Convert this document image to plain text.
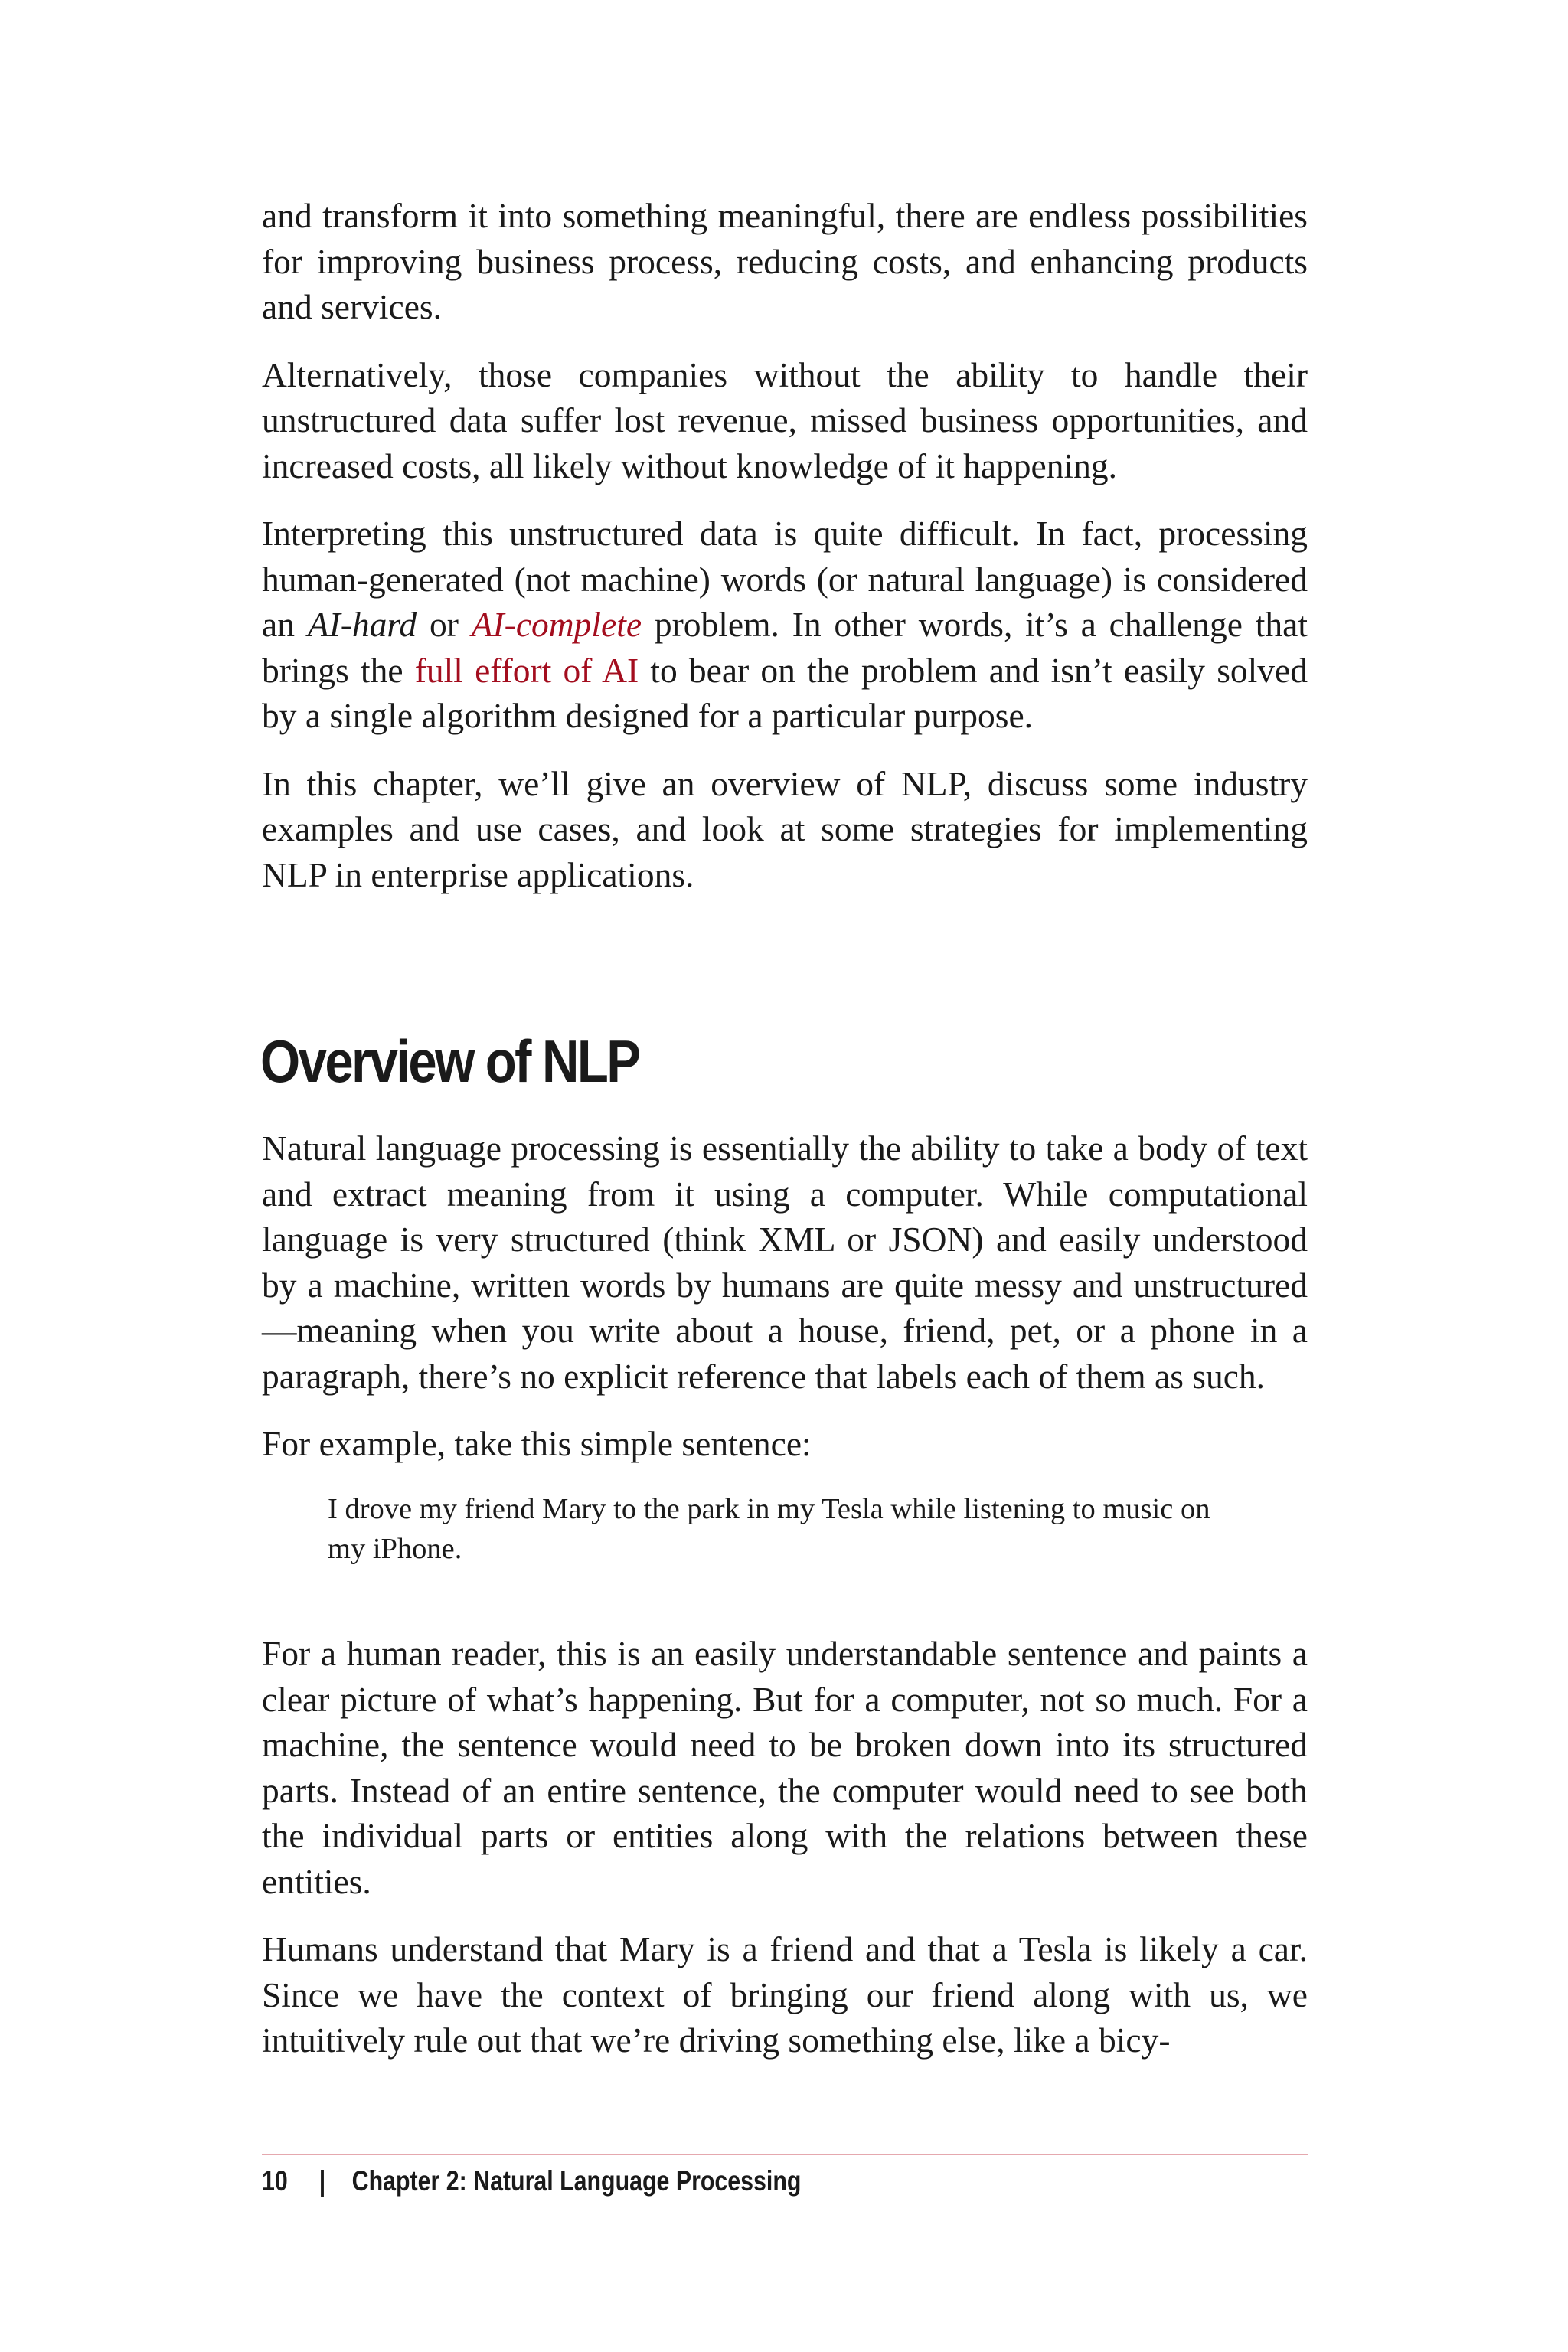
and transform it into something meaningful, there are endless possibilities for improving business process, reducing costs, and enhancing products and services.

Alternatively, those companies without the ability to handle their unstructured data suffer lost revenue, missed business opportunities, and increased costs, all likely without knowledge of it happening.

Interpreting this unstructured data is quite difficult. In fact, processing human-generated (not machine) words (or natural language) is considered an AI-hard or AI-complete problem. In other words, it’s a challenge that brings the full effort of AI to bear on the problem and isn’t easily solved by a single algorithm designed for a particular purpose.

In this chapter, we’ll give an overview of NLP, discuss some industry examples and use cases, and look at some strategies for implementing NLP in enterprise applications.

Overview of NLP

Natural language processing is essentially the ability to take a body of text and extract meaning from it using a computer. While computational language is very structured (think XML or JSON) and easily understood by a machine, written words by humans are quite messy and unstructured—meaning when you write about a house, friend, pet, or a phone in a paragraph, there’s no explicit reference that labels each of them as such.

For example, take this simple sentence:

I drove my friend Mary to the park in my Tesla while listening to music on my iPhone.

For a human reader, this is an easily understandable sentence and paints a clear picture of what’s happening. But for a computer, not so much. For a machine, the sentence would need to be broken down into its structured parts. Instead of an entire sentence, the computer would need to see both the individual parts or entities along with the relations between these entities.

Humans understand that Mary is a friend and that a Tesla is likely a car. Since we have the context of bringing our friend along with us, we intuitively rule out that we’re driving something else, like a bicy-

10 | Chapter 2: Natural Language Processing
